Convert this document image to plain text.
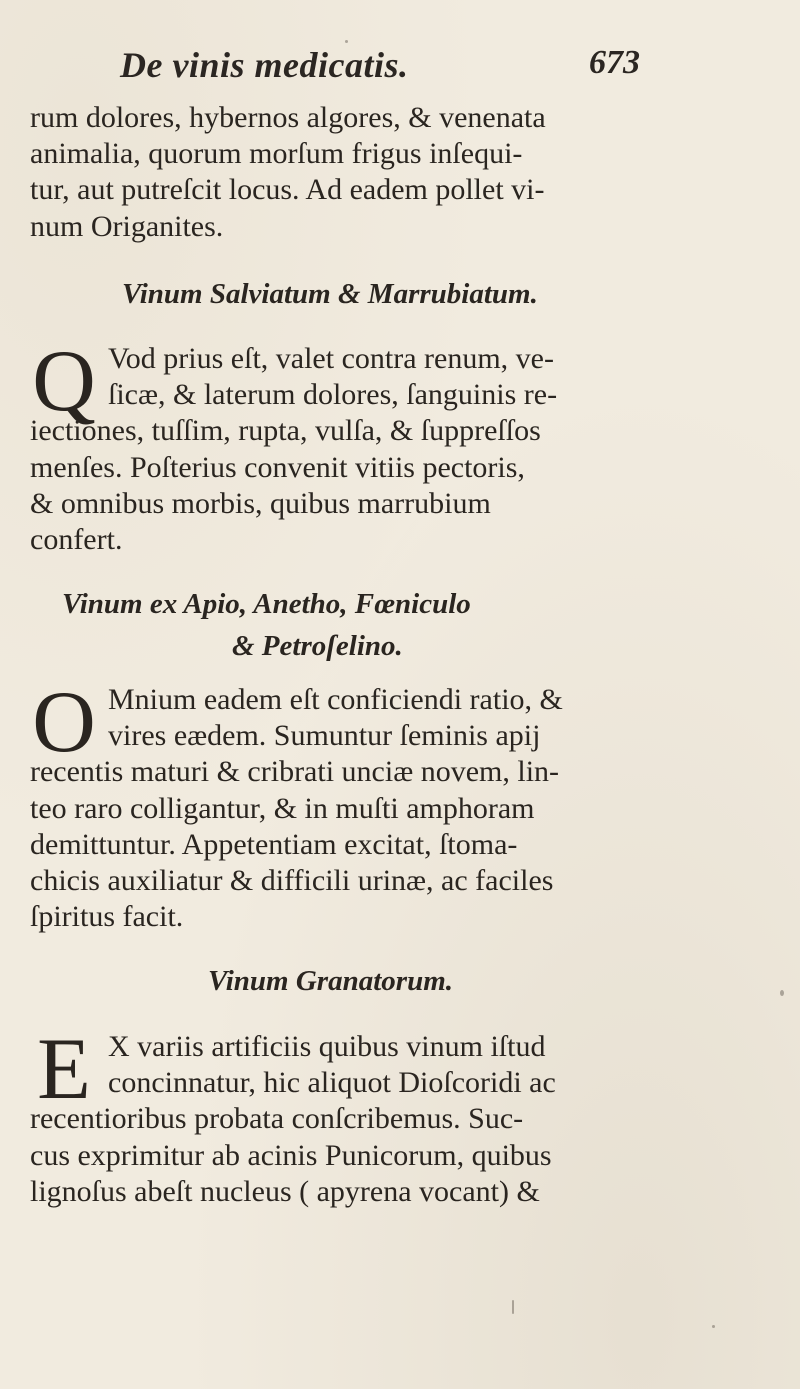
De vinis medicatis.	673
rum dolores, hybernos algores, & venenata
animalia, quorum morſum frigus inſequi-
tur, aut putreſcit locus. Ad eadem pollet vi-
num Origanites.
Vinum Salviatum & Marrubiatum.
Q Vod prius eſt, valet contra renum, ve-
ſicæ, & laterum dolores, ſanguinis re-
iectiones, tuſſim, rupta, vulſa, & ſuppreſſos
menſes. Poſterius convenit vitiis pectoris,
& omnibus morbis, quibus marrubium
confert.
Vinum ex Apio, Anetho, Fœniculo
& Petroſelino.
O Mnium eadem eſt conficiendi ratio, &
vires eædem. Sumuntur ſeminis apij
recentis maturi & cribrati unciæ novem, lin-
teo raro colligantur, & in muſti amphoram
demittuntur. Appetentiam excitat, ſtoma-
chicis auxiliatur & difficili urinæ, ac faciles
ſpiritus facit.
Vinum Granatorum.
E X variis artificiis quibus vinum iſtud
concinnatur, hic aliquot Dioſcoridi ac
recentioribus probata conſcribemus. Suc-
cus exprimitur ab acinis Punicorum, quibus
lignoſus abeſt nucleus ( apyrena vocant) &
